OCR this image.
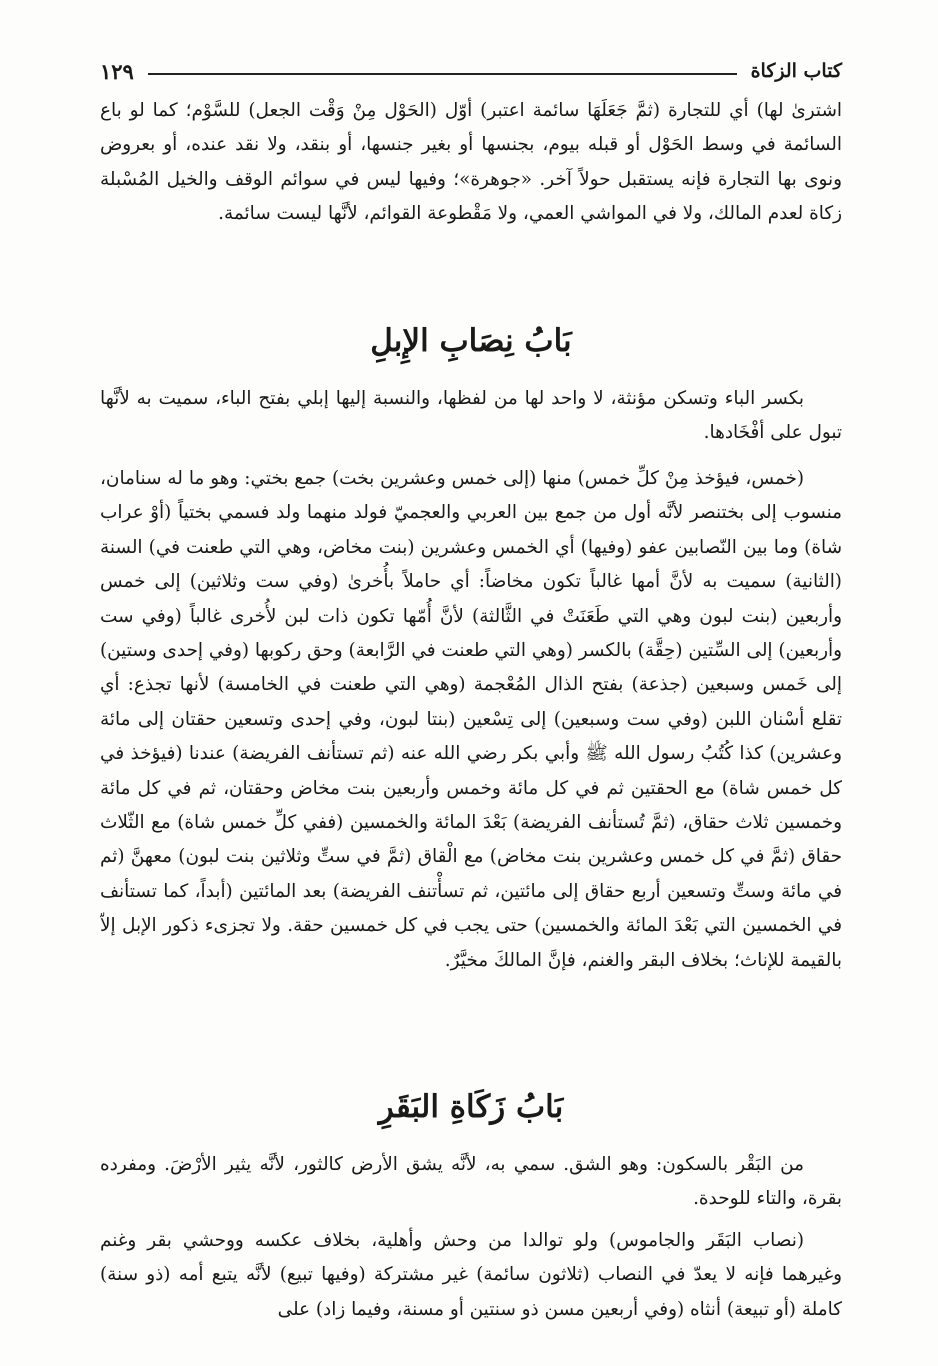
كتاب الزكاة
١٢٩

اشترىٰ لها) أي للتجارة (ثمَّ جَعَلَهَا سائمة اعتبر) أوّل (الحَوْل مِنْ وَقْت الجعل) للسَّوْم؛ كما لو باع السائمة في وسط الحَوْل أو قبله بيوم، بجنسها أو بغير جنسها، أو بنقد، ولا نقد عنده، أو بعروض ونوى بها التجارة فإنه يستقبل حولاً آخر. «جوهرة»؛ وفيها ليس في سوائم الوقف والخيل المُسْبلة زكاة لعدم المالك، ولا في المواشي العمي، ولا مَقْطوعة القوائم، لأنَّها ليست سائمة.

بَابُ نِصَابِ الإِبلِ

بكسر الباء وتسكن مؤنثة، لا واحد لها من لفظها، والنسبة إليها إبلي بفتح الباء، سميت به لأنَّها تبول على أفْخَادها.

(خمس، فيؤخذ مِنْ كلِّ خمس) منها (إلى خمس وعشرين بخت) جمع بختي: وهو ما له سنامان، منسوب إلى بختنصر لأنَّه أول من جمع بين العربي والعجميّ فولد منهما ولد فسمي بختياً (أوْ عراب شاة) وما بين النّصابين عفو (وفيها) أي الخمس وعشرين (بنت مخاض، وهي التي طعنت في) السنة (الثانية) سميت به لأنَّ أمها غالباً تكون مخاضاً: أي حاملاً بأُخرىٰ (وفي ست وثلاثين) إلى خمس وأربعين (بنت لبون وهي التي طَعَنَتْ في الثَّالثة) لأنَّ أُمّها تكون ذات لبن لأُخرى غالباً (وفي ست وأربعين) إلى السِّتين (حِقَّة) بالكسر (وهي التي طعنت في الرَّابعة) وحق ركوبها (وفي إحدى وستين) إلى خَمس وسبعين (جذعة) بفتح الذال المُعْجمة (وهي التي طعنت في الخامسة) لأنها تجذع: أي تقلع أسْنان اللبن (وفي ست وسبعين) إلى تِسْعين (بنتا لبون، وفي إحدى وتسعين حقتان إلى مائة وعشرين) كذا كُتُبُ رسول الله ﷺ وأبي بكر رضي الله عنه (ثم تستأنف الفريضة) عندنا (فيؤخذ في كل خمس شاة) مع الحقتين ثم في كل مائة وخمس وأربعين بنت مخاض وحقتان، ثم في كل مائة وخمسين ثلاث حقاق، (ثمَّ تُستأنف الفريضة) بَعْدَ المائة والخمسين (ففي كلِّ خمس شاة) مع الثّلاث حقاق (ثمَّ في كل خمس وعشرين بنت مخاض) مع الْقاق (ثمَّ في ستِّ وثلاثين بنت لبون) معهنَّ (ثم في مائة وستِّ وتسعين أربع حقاق إلى مائتين، ثم تسأْتنف الفريضة) بعد المائتين (أبداً، كما تستأنف في الخمسين التي بَعْدَ المائة والخمسين) حتى يجب في كل خمسين حقة. ولا تجزىء ذكور الإبل إلاّ بالقيمة للإناث؛ بخلاف البقر والغنم، فإنَّ المالكَ مخيَّرٌ.

بَابُ زَكَاةِ البَقَرِ

من البَقْر بالسكون: وهو الشق. سمي به، لأنَّه يشق الأرض كالثور، لأنَّه يثير الأرْضَ. ومفرده بقرة، والتاء للوحدة.

(نصاب البَقَر والجاموس) ولو توالدا من وحش وأهلية، بخلاف عكسه ووحشي بقر وغنم وغيرهما فإنه لا يعدّ في النصاب (ثلاثون سائمة) غير مشتركة (وفيها تبيع) لأنَّه يتبع أمه (ذو سنة) كاملة (أو تبيعة) أنثاه (وفي أربعين مسن ذو سنتين أو مسنة، وفيما زاد) على
